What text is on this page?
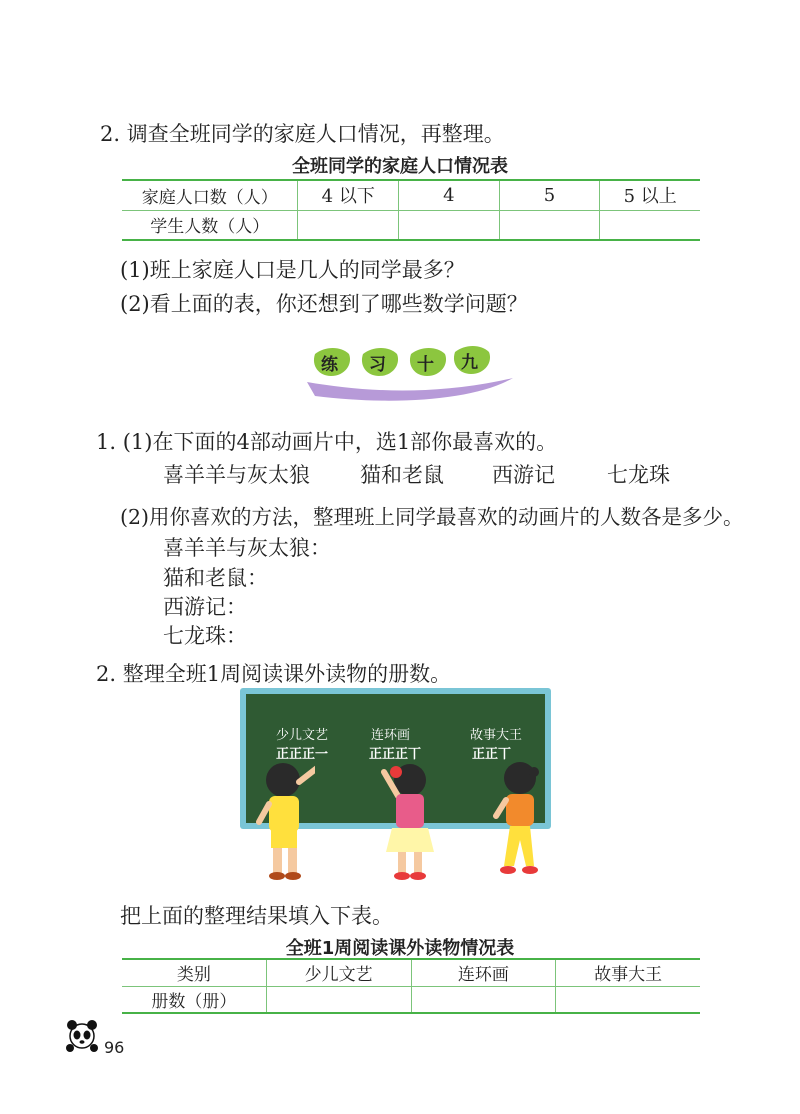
2. 调查全班同学的家庭人口情况，再整理。
全班同学的家庭人口情况表
家庭人口数（人）	4 以下	4	5	5 以上
学生人数（人）				
(1)班上家庭人口是几人的同学最多？
(2)看上面的表，你还想到了哪些数学问题？
练 习 十 九
1. (1)在下面的4部动画片中，选1部你最喜欢的。
喜羊羊与灰太狼 猫和老鼠 西游记 七龙珠
(2)用你喜欢的方法，整理班上同学最喜欢的动画片的人数各是多少。
喜羊羊与灰太狼：
猫和老鼠：
西游记：
七龙珠：
2. 整理全班1周阅读课外读物的册数。
少儿文艺	连环画	故事大王
正正正一	正正正丅	正正丅
把上面的整理结果填入下表。
全班1周阅读课外读物情况表
类别	少儿文艺	连环画	故事大王
册数（册）			
96
